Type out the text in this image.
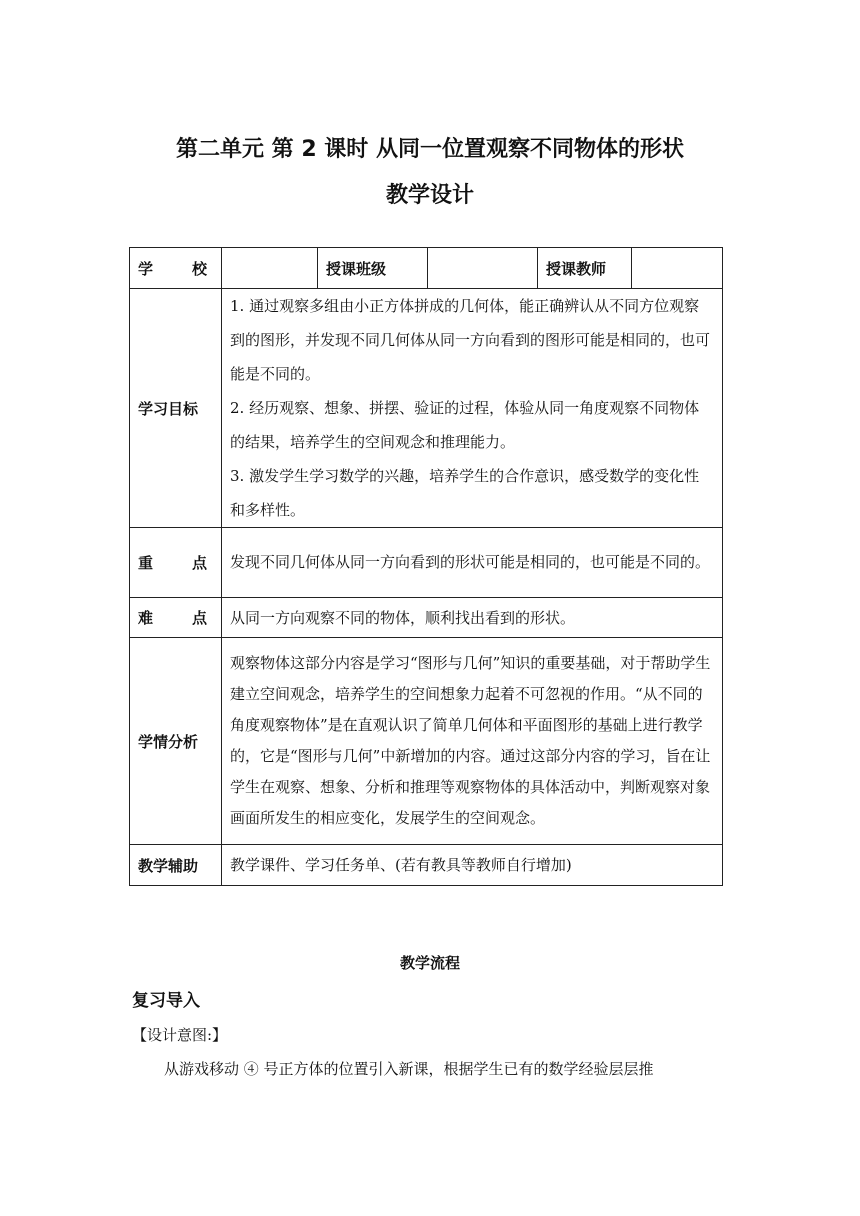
第二单元 第 2 课时 从同一位置观察不同物体的形状
教学设计
学 校		授课班级		授课教师	
学习目标	1. 通过观察多组由小正方体拼成的几何体，能正确辨认从不同方位观察到的图形，并发现不同几何体从同一方向看到的图形可能是相同的，也可能是不同的。

2. 经历观察、想象、拼摆、验证的过程，体验从同一角度观察不同物体的结果，培养学生的空间观念和推理能力。

3. 激发学生学习数学的兴趣，培养学生的合作意识，感受数学的变化性和多样性。				

重 点	发现不同几何体从同一方向看到的形状可能是相同的，也可能是不同的。				

难 点	从同一方向观察不同的物体，顺利找出看到的形状。				
学情分析	观察物体这部分内容是学习“图形与几何”知识的重要基础，对于帮助学生建立空间观念，培养学生的空间想象力起着不可忽视的作用。“从不同的角度观察物体”是在直观认识了简单几何体和平面图形的基础上进行教学的，它是“图形与几何”中新增加的内容。通过这部分内容的学习，旨在让学生在观察、想象、分析和推理等观察物体的具体活动中，判断观察对象画面所发生的相应变化，发展学生的空间观念。				
教学辅助	教学课件、学习任务单、(若有教具等教师自行增加)				
教学流程
复习导入
【设计意图:】
从游戏移动 ④ 号正方体的位置引入新课，根据学生已有的数学经验层层推
